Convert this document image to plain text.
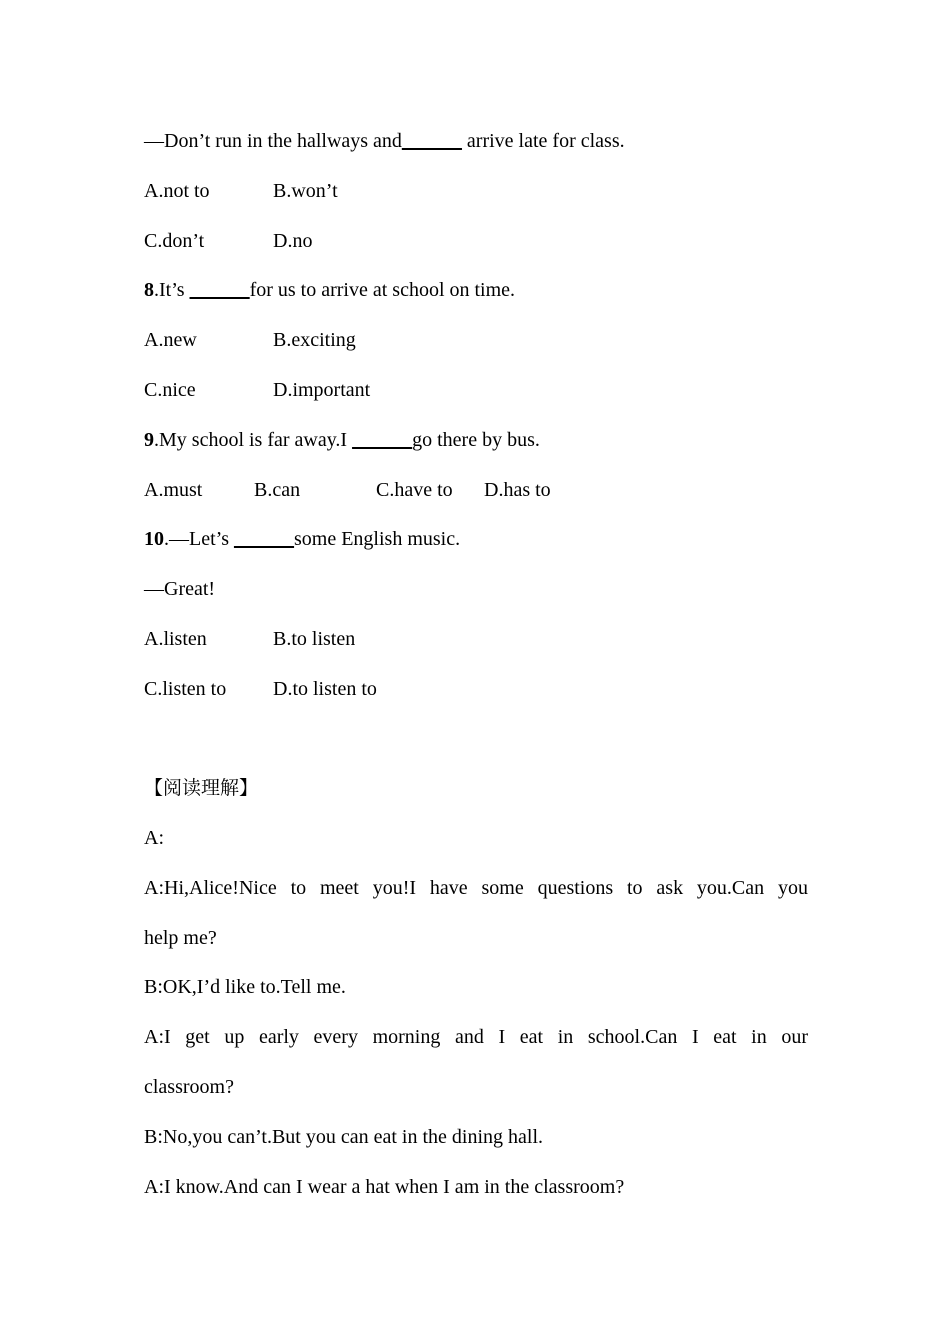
—Don’t run in the hallways and______ arrive late for class.
A.not to	B.won’t
C.don’t	D.no
8.It’s ______for us to arrive at school on time.
A.new	B.exciting
C.nice	D.important
9.My school is far away.I ______go there by bus.
A.must	B.can	C.have to D.has to
10.—Let’s ______some English music.
—Great!
A.listen	B.to listen
C.listen to D.to listen to
【阅读理解】
A:
A:Hi,Alice!Nice to meet you!I have some questions to ask you.Can you
help me?
B:OK,I’d like to.Tell me.
A:I get up early every morning and I eat in school.Can I eat in our
classroom?
B:No,you can’t.But you can eat in the dining hall.
A:I know.And can I wear a hat when I am in the classroom?
